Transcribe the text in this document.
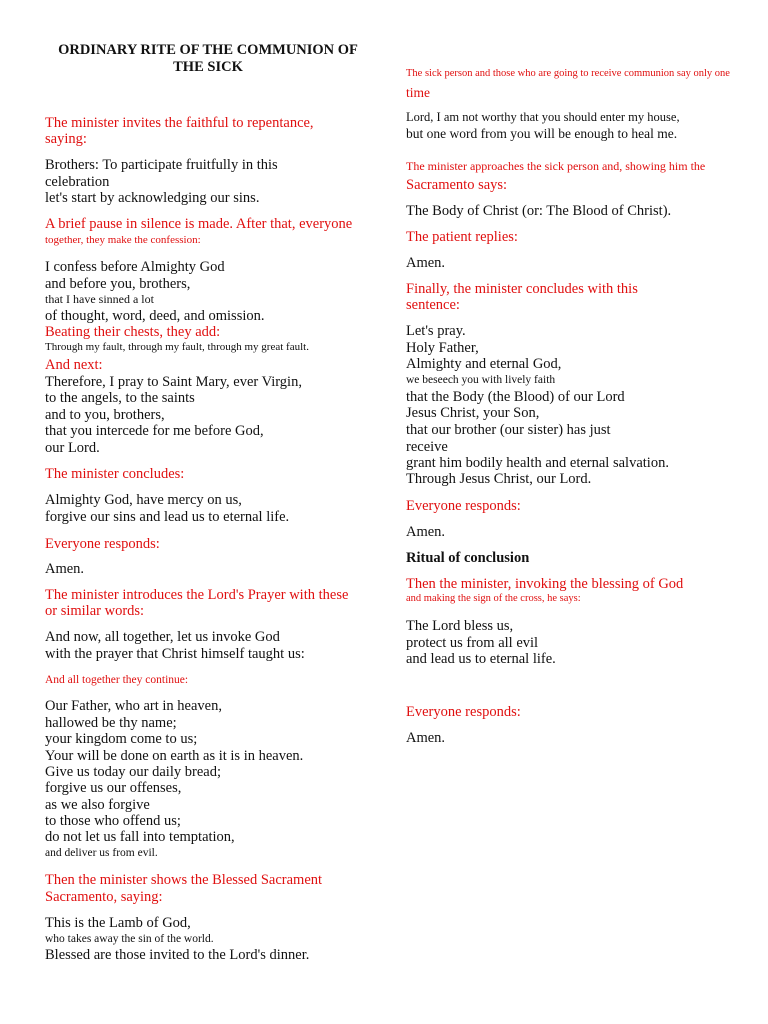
ORDINARY RITE OF THE COMMUNION OF
THE SICK
The minister invites the faithful to repentance,
saying:
Brothers: To participate fruitfully in this
celebration
let's start by acknowledging our sins.
A brief pause in silence is made. After that, everyone
together, they make the confession:
I confess before Almighty God
and before you, brothers,
that I have sinned a lot
of thought, word, deed, and omission.
Beating their chests, they add:
Through my fault, through my fault, through my great fault.
And next:
Therefore, I pray to Saint Mary, ever Virgin,
to the angels, to the saints
and to you, brothers,
that you intercede for me before God,
our Lord.
The minister concludes:
Almighty God, have mercy on us,
forgive our sins and lead us to eternal life.
Everyone responds:
Amen.
The minister introduces the Lord's Prayer with these
or similar words:
And now, all together, let us invoke God
with the prayer that Christ himself taught us:
And all together they continue:
Our Father, who art in heaven,
hallowed be thy name;
your kingdom come to us;
Your will be done on earth as it is in heaven.
Give us today our daily bread;
forgive us our offenses,
as we also forgive
to those who offend us;
do not let us fall into temptation,
and deliver us from evil.
Then the minister shows the Blessed Sacrament
Sacramento, saying:
This is the Lamb of God,
who takes away the sin of the world.
Blessed are those invited to the Lord's dinner.
The sick person and those who are going to receive communion say only one
time
Lord, I am not worthy that you should enter my house,
but one word from you will be enough to heal me.
The minister approaches the sick person and, showing him the
Sacramento says:
The Body of Christ (or: The Blood of Christ).
The patient replies:
Amen.
Finally, the minister concludes with this
sentence:
Let's pray.
Holy Father,
Almighty and eternal God,
we beseech you with lively faith
that the Body (the Blood) of our Lord
Jesus Christ, your Son,
that our brother (our sister) has just
receive
grant him bodily health and eternal salvation.
Through Jesus Christ, our Lord.
Everyone responds:
Amen.
Ritual of conclusion
Then the minister, invoking the blessing of God
and making the sign of the cross, he says:
The Lord bless us,
protect us from all evil
and lead us to eternal life.
Everyone responds:
Amen.
